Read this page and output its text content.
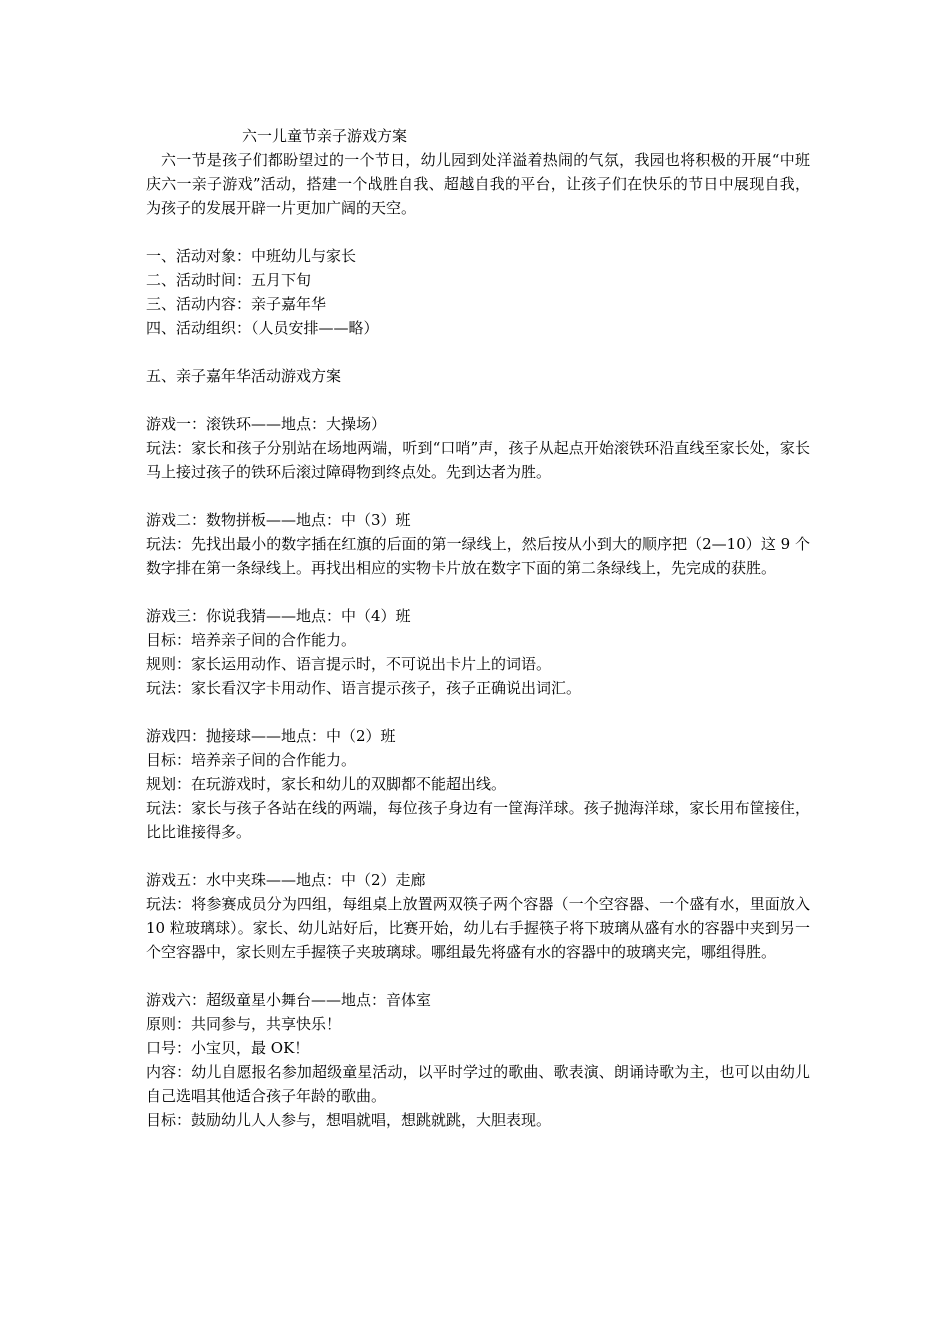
六一儿童节亲子游戏方案

六一节是孩子们都盼望过的一个节日，幼儿园到处洋溢着热闹的气氛，我园也将积极的开展“中班庆六一亲子游戏”活动，搭建一个战胜自我、超越自我的平台，让孩子们在快乐的节日中展现自我，为孩子的发展开辟一片更加广阔的天空。

一、活动对象：中班幼儿与家长
二、活动时间：五月下旬
三、活动内容：亲子嘉年华
四、活动组织：（人员安排——略）
五、亲子嘉年华活动游戏方案
游戏一：滚铁环——地点：大操场）

玩法：家长和孩子分别站在场地两端，听到“口哨”声，孩子从起点开始滚铁环沿直线至家长处，家长马上接过孩子的铁环后滚过障碍物到终点处。先到达者为胜。

游戏二：数物拼板——地点：中（3）班

玩法：先找出最小的数字插在红旗的后面的第一绿线上，然后按从小到大的顺序把（2—10）这 9 个数字排在第一条绿线上。再找出相应的实物卡片放在数字下面的第二条绿线上，先完成的获胜。

游戏三：你说我猜——地点：中（4）班
目标：培养亲子间的合作能力。
规则：家长运用动作、语言提示时，不可说出卡片上的词语。
玩法：家长看汉字卡用动作、语言提示孩子，孩子正确说出词汇。
游戏四：抛接球——地点：中（2）班
目标：培养亲子间的合作能力。
规划：在玩游戏时，家长和幼儿的双脚都不能超出线。

玩法：家长与孩子各站在线的两端，每位孩子身边有一筐海洋球。孩子抛海洋球，家长用布筐接住，比比谁接得多。

游戏五：水中夹珠——地点：中（2）走廊

玩法：将参赛成员分为四组，每组桌上放置两双筷子两个容器（一个空容器、一个盛有水，里面放入 10 粒玻璃球）。家长、幼儿站好后，比赛开始，幼儿右手握筷子将下玻璃从盛有水的容器中夹到另一个空容器中，家长则左手握筷子夹玻璃球。哪组最先将盛有水的容器中的玻璃夹完，哪组得胜。

游戏六：超级童星小舞台——地点：音体室
原则：共同参与，共享快乐！
口号：小宝贝，最 OK！

内容：幼儿自愿报名参加超级童星活动，以平时学过的歌曲、歌表演、朗诵诗歌为主，也可以由幼儿自己选唱其他适合孩子年龄的歌曲。

目标：鼓励幼儿人人参与，想唱就唱，想跳就跳，大胆表现。
